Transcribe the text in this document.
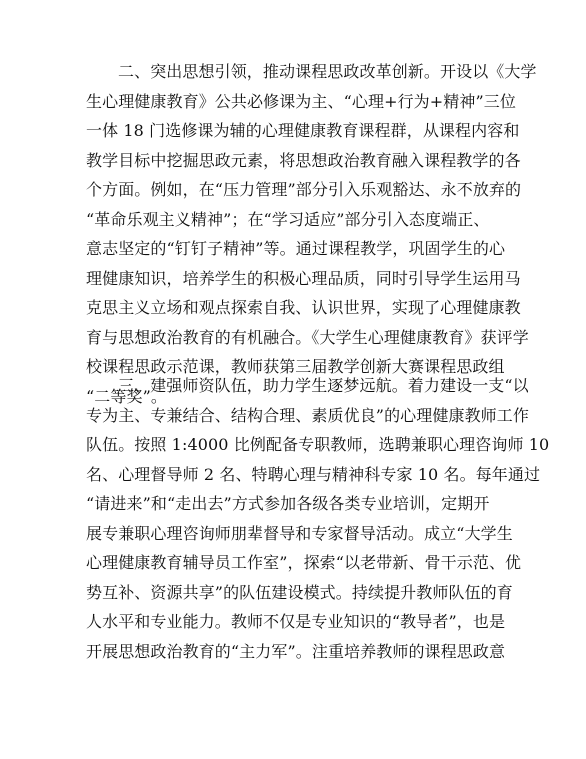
二、突出思想引领，推动课程思政改革创新。开设以《大学
生心理健康教育》公共必修课为主、“心理+行为+精神”三位
一体 18 门选修课为辅的心理健康教育课程群，从课程内容和
教学目标中挖掘思政元素，将思想政治教育融入课程教学的各
个方面。例如，在“压力管理”部分引入乐观豁达、永不放弃的
“革命乐观主义精神”；在“学习适应”部分引入态度端正、
意志坚定的“钉钉子精神”等。通过课程教学，巩固学生的心
理健康知识，培养学生的积极心理品质，同时引导学生运用马
克思主义立场和观点探索自我、认识世界，实现了心理健康教
育与思想政治教育的有机融合。《大学生心理健康教育》获评学
校课程思政示范课，教师获第三届教学创新大赛课程思政组
“二等奖”。
三、建强师资队伍，助力学生逐梦远航。着力建设一支“以
专为主、专兼结合、结构合理、素质优良”的心理健康教师工作
队伍。按照 1:4000 比例配备专职教师，选聘兼职心理咨询师 10
名、心理督导师 2 名、特聘心理与精神科专家 10 名。每年通过
“请进来”和“走出去”方式参加各级各类专业培训，定期开
展专兼职心理咨询师朋辈督导和专家督导活动。成立“大学生
心理健康教育辅导员工作室”，探索“以老带新、骨干示范、优
势互补、资源共享”的队伍建设模式。持续提升教师队伍的育
人水平和专业能力。教师不仅是专业知识的“教导者”，也是
开展思想政治教育的“主力军”。注重培养教师的课程思政意
